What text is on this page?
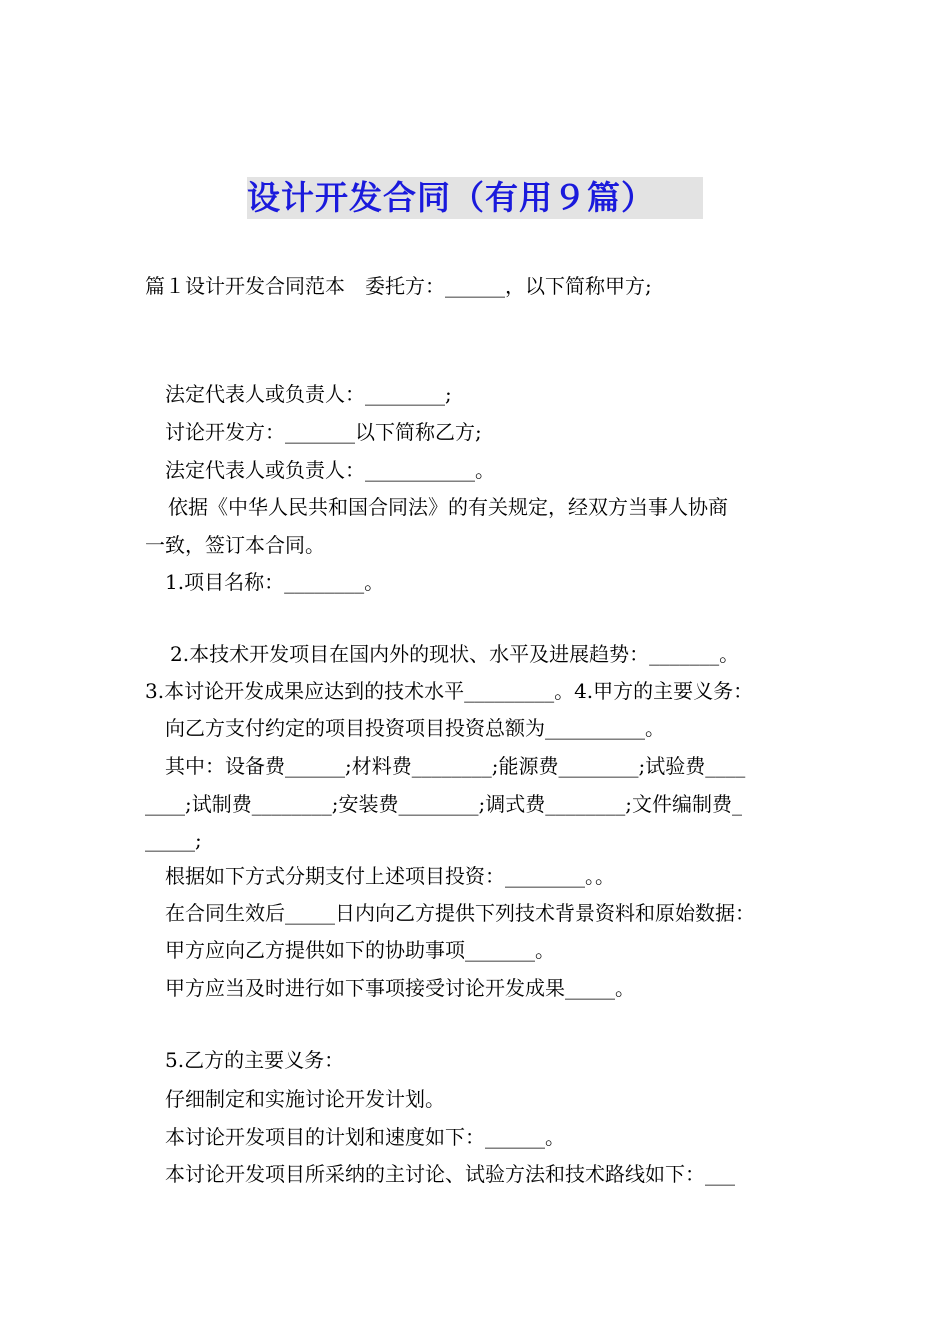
设计开发合同（有用９篇）
篇１设计开发合同范本　委托方：______，以下简称甲方;
法定代表人或负责人：________;
讨论开发方：_______以下简称乙方;
法定代表人或负责人：___________。
依据《中华人民共和国合同法》的有关规定，经双方当事人协商
一致，签订本合同。
1.项目名称：________。
2.本技术开发项目在国内外的现状、水平及进展趋势：_______。
3.本讨论开发成果应达到的技术水平_________。4.甲方的主要义务：
向乙方支付约定的项目投资项目投资总额为__________。
其中：设备费______;材料费________;能源费________;试验费____
____;试制费________;安装费________;调式费________;文件编制费_
_____;
根据如下方式分期支付上述项目投资：________。。
在合同生效后_____日内向乙方提供下列技术背景资料和原始数据：
甲方应向乙方提供如下的协助事项_______。
甲方应当及时进行如下事项接受讨论开发成果_____。
5.乙方的主要义务：
仔细制定和实施讨论开发计划。
本讨论开发项目的计划和速度如下：______。
本讨论开发项目所采纳的主讨论、试验方法和技术路线如下：___
